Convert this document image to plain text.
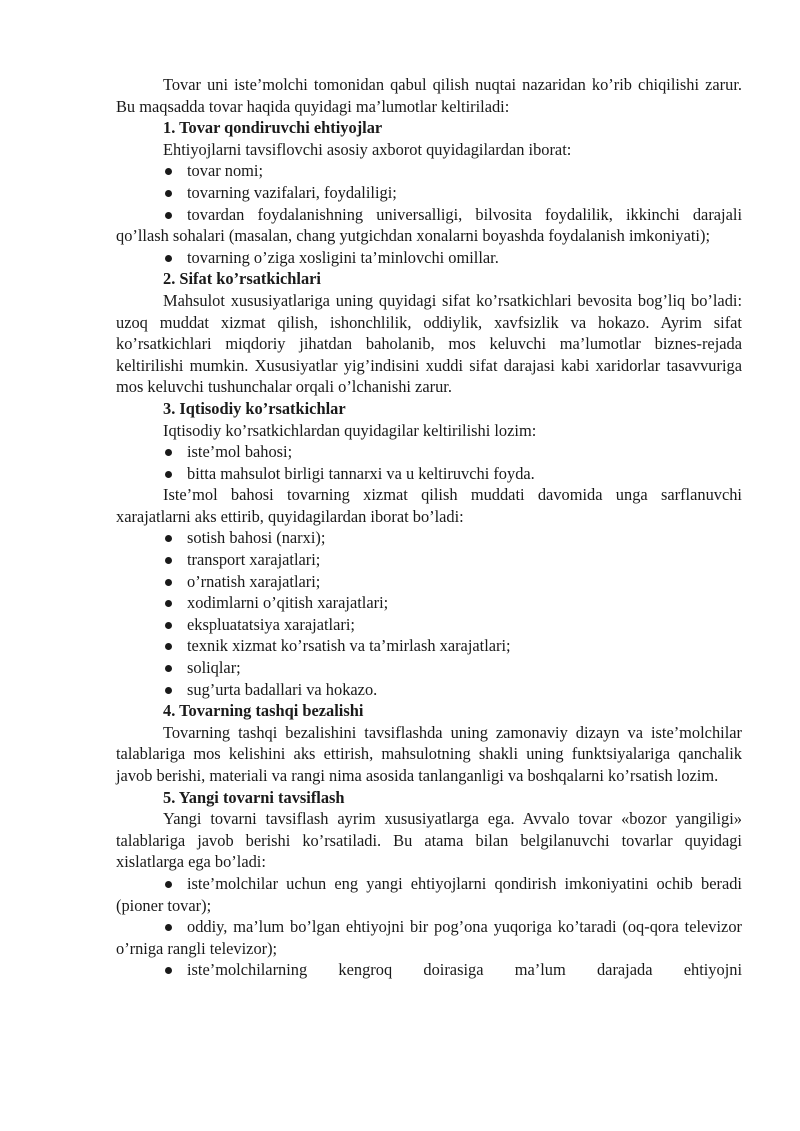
Tovar uni iste’molchi tomonidan qabul qilish nuqtai nazaridan ko’rib chiqilishi zarur. Bu maqsadda tovar haqida quyidagi ma’lumotlar keltiriladi:

1. Tovar qondiruvchi ehtiyojlar

Ehtiyojlarni tavsiflovchi asosiy axborot quyidagilardan iborat:

tovar nomi;
tovarning vazifalari, foydaliligi;

tovardan foydalanishning universalligi, bilvosita foydalilik, ikkinchi darajali qo’llash sohalari (masalan, chang yutgichdan xonalarni boyashda foydalanish imkoniyati);

tovarning o’ziga xosligini ta’minlovchi omillar.

2. Sifat ko’rsatkichlari

Mahsulot xususiyatlariga uning quyidagi sifat ko’rsatkichlari bevosita bog’liq bo’ladi: uzoq muddat xizmat qilish, ishonchlilik, oddiylik, xavfsizlik va hokazo. Ayrim sifat ko’rsatkichlari miqdoriy jihatdan baholanib, mos keluvchi ma’lumotlar biznes-rejada keltirilishi mumkin. Xususiyatlar yig’indisini xuddi sifat darajasi kabi xaridorlar tasavvuriga mos keluvchi tushunchalar orqali o’lchanishi zarur.

3. Iqtisodiy ko’rsatkichlar

Iqtisodiy ko’rsatkichlardan quyidagilar keltirilishi lozim:

iste’mol bahosi;
bitta mahsulot birligi tannarxi va u keltiruvchi foyda.

Iste’mol bahosi tovarning xizmat qilish muddati davomida unga sarflanuvchi xarajatlarni aks ettirib, quyidagilardan iborat bo’ladi:

sotish bahosi (narxi);
transport xarajatlari;
o’rnatish xarajatlari;
xodimlarni o’qitish xarajatlari;
ekspluatatsiya xarajatlari;
texnik xizmat ko’rsatish va ta’mirlash xarajatlari;
soliqlar;
sug’urta badallari va hokazo.

4. Tovarning tashqi bezalishi

Tovarning tashqi bezalishini tavsiflashda uning zamonaviy dizayn va iste’molchilar talablariga mos kelishini aks ettirish, mahsulotning shakli uning funktsiyalariga qanchalik javob berishi, materiali va rangi nima asosida tanlanganligi va boshqalarni ko’rsatish lozim.

5. Yangi tovarni tavsiflash

Yangi tovarni tavsiflash ayrim xususiyatlarga ega. Avvalo tovar «bozor yangiligi» talablariga javob berishi ko’rsatiladi. Bu atama bilan belgilanuvchi tovarlar quyidagi xislatlarga ega bo’ladi:

iste’molchilar uchun eng yangi ehtiyojlarni qondirish imkoniyatini ochib beradi (pioner tovar);

oddiy, ma’lum bo’lgan ehtiyojni bir pog’ona yuqoriga ko’taradi (oq-qora televizor o’rniga rangli televizor);

iste’molchilarning kengroq doirasiga ma’lum darajada ehtiyojni
